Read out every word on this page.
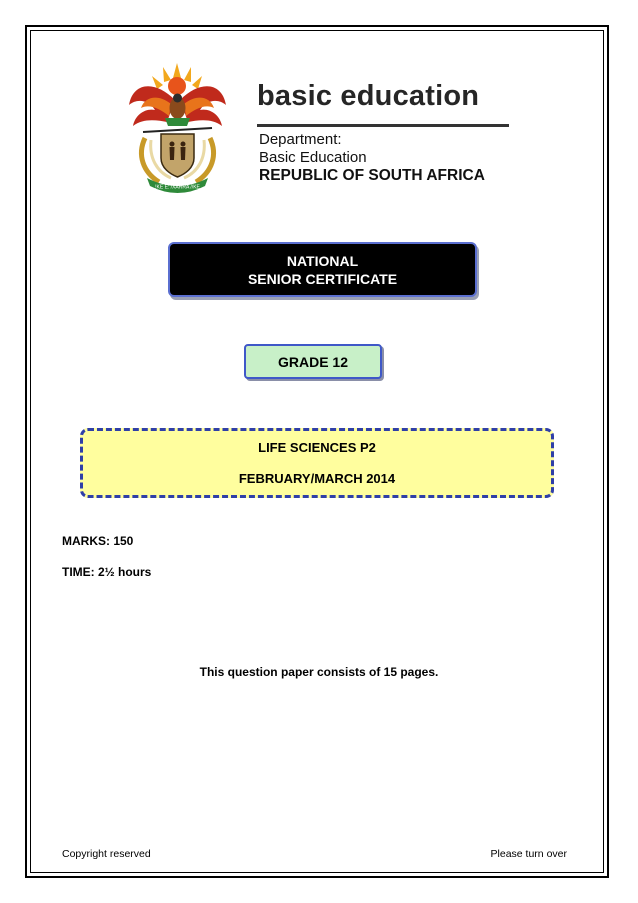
!KE E: /XARRA //KE
basic education
Department:
Basic Education
REPUBLIC OF SOUTH AFRICA
NATIONAL
SENIOR CERTIFICATE
GRADE 12
LIFE SCIENCES P2
FEBRUARY/MARCH 2014
MARKS: 150
TIME: 2½ hours
This question paper consists of 15 pages.
Copyright reserved	Please turn over
